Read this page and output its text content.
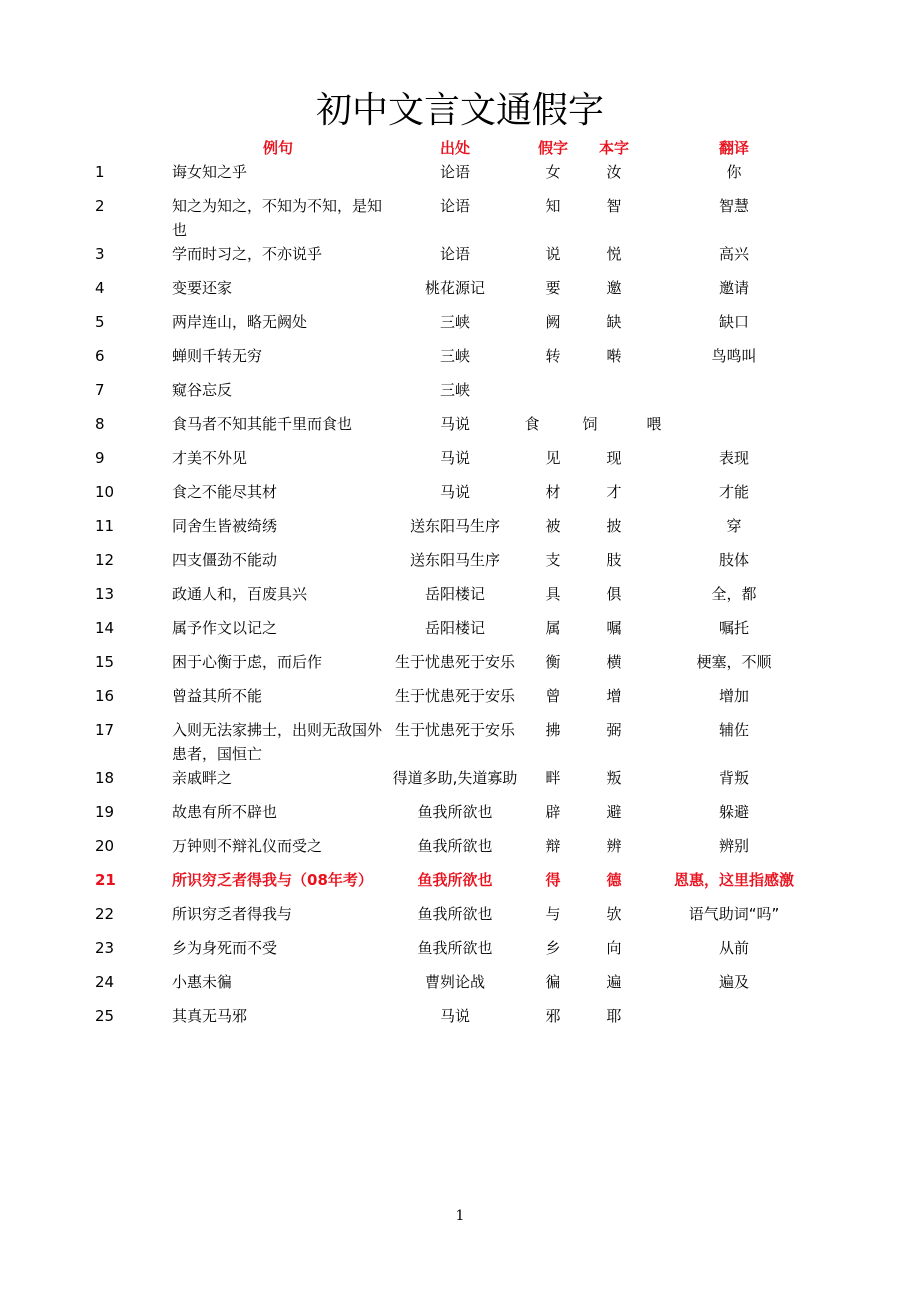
初中文言文通假字
例句	出处	假字 本字	翻译
1	诲女知之乎	论语	女	汝	你
2	知之为知之，不知为不知，是知也
论语	知	智	智慧
3	学而时习之，不亦说乎	论语	说	悦	高兴
4	变要还家	桃花源记	要	邀	邀请
5	两岸连山，略无阙处	三峡	阙	缺	缺口
6	蝉则千转无穷	三峡	转	啭	鸟鸣叫
7	窥谷忘反	三峡
8	食马者不知其能千里而食也	马说	食	饲	喂
9	才美不外见	马说	见	现	表现
10	食之不能尽其材	马说	材	才	才能
11	同舍生皆被绮绣	送东阳马生序	被	披	穿
12	四支僵劲不能动	送东阳马生序	支	肢	肢体
13	政通人和，百废具兴	岳阳楼记	具	俱	全，都
14	属予作文以记之	岳阳楼记	属	嘱	嘱托
15	困于心衡于虑，而后作	生于忧患死于安乐 衡	横	梗塞，不顺
16	曾益其所不能	生于忧患死于安乐 曾	增	增加
17	入则无法家拂士，出则无敌国外患者，国恒亡
生于忧患死于安乐 拂	弼	辅佐
18	亲戚畔之	得道多助,失道寡助 畔	叛	背叛
19	故患有所不辟也	鱼我所欲也	辟	避	躲避
20	万钟则不辩礼仪而受之	鱼我所欲也	辩	辨	辨别
21	所识穷乏者得我与（08年考）	鱼我所欲也	得	德	恩惠，这里指感激
22	所识穷乏者得我与	鱼我所欲也	与	欤	语气助词“吗”
23	乡为身死而不受	鱼我所欲也	乡	向	从前
24	小惠未徧	曹刿论战	徧	遍	遍及
25	其真无马邪	马说	邪	耶
1
